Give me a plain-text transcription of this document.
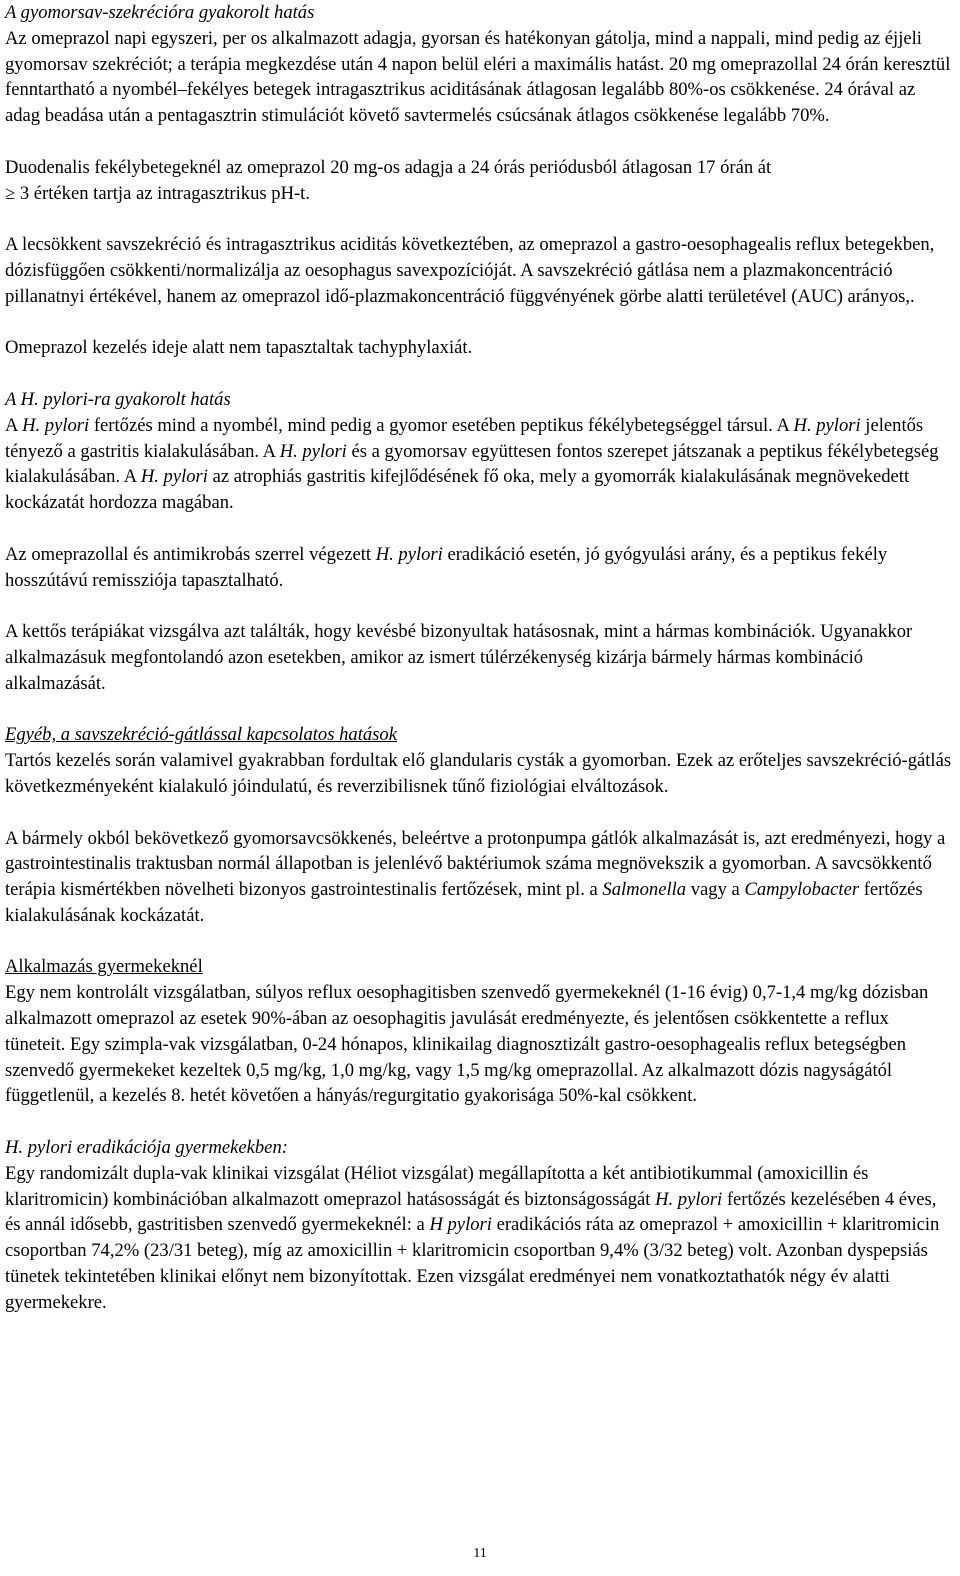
A gyomorsav-szekrécióra gyakorolt hatás
Az omeprazol napi egyszeri, per os alkalmazott adagja, gyorsan és hatékonyan gátolja, mind a nappali, mind pedig az éjjeli gyomorsav szekréciót; a terápia megkezdése után 4 napon belül eléri a maximális hatást. 20 mg omeprazollal 24 órán keresztül fenntartható a nyombél–fekélyes betegek intragasztrikus aciditásának átlagosan legalább 80%-os csökkenése. 24 órával az adag beadása után a pentagasztrin stimulációt követő savtermelés csúcsának átlagos csökkenése legalább 70%.
Duodenalis fekélybetegeknél az omeprazol 20 mg-os adagja a 24 órás periódusból átlagosan 17 órán át
≥ 3 értéken tartja az intragasztrikus pH-t.
A lecsökkent savszekréció és intragasztrikus aciditás következtében, az omeprazol a gastro-oesophagealis reflux betegekben, dózisfüggően csökkenti/normalizálja az oesophagus savexpozícióját. A savszekréció gátlása nem a plazmakoncentráció pillanatnyi értékével, hanem az omeprazol idő-plazmakoncentráció függvényének görbe alatti területével (AUC) arányos,.
Omeprazol kezelés ideje alatt nem tapasztaltak tachyphylaxiát.
A H. pylori-ra gyakorolt hatás
A H. pylori fertőzés mind a nyombél, mind pedig a gyomor esetében peptikus fékélybetegséggel társul. A H. pylori jelentős tényező a gastritis kialakulásában. A H. pylori és a gyomorsav együttesen fontos szerepet játszanak a peptikus fékélybetegség kialakulásában. A H. pylori az atrophiás gastritis kifejlődésének fő oka, mely a gyomorrák kialakulásának megnövekedett kockázatát hordozza magában.
Az omeprazollal és antimikrobás szerrel végezett H. pylori eradikáció esetén, jó gyógyulási arány, és a peptikus fekély hosszútávú remissziója tapasztalható.
A kettős terápiákat vizsgálva azt találták, hogy kevésbé bizonyultak hatásosnak, mint a hármas kombinációk. Ugyanakkor alkalmazásuk megfontolandó azon esetekben, amikor az ismert túlérzékenység kizárja bármely hármas kombináció alkalmazását.
Egyéb, a savszekréció-gátlással kapcsolatos hatások
Tartós kezelés során valamivel gyakrabban fordultak elő glandularis cysták a gyomorban. Ezek az erőteljes savszekréció-gátlás következményeként kialakuló jóindulatú, és reverzibilisnek tűnő fiziológiai elváltozások.
A bármely okból bekövetkező gyomorsavcsökkenés, beleértve a protonpumpa gátlók alkalmazását is, azt eredményezi, hogy a gastrointestinalis traktusban normál állapotban is jelenlévő baktériumok száma megnövekszik a gyomorban. A savcsökkentő terápia kismértékben növelheti bizonyos gastrointestinalis fertőzések, mint pl. a Salmonella vagy a Campylobacter fertőzés kialakulásának kockázatát.
Alkalmazás gyermekeknél
Egy nem kontrolált vizsgálatban, súlyos reflux oesophagitisben szenvedő gyermekeknél (1-16 évig) 0,7-1,4 mg/kg dózisban alkalmazott omeprazol az esetek 90%-ában az oesophagitis javulását eredményezte, és jelentősen csökkentette a reflux tüneteit. Egy szimpla-vak vizsgálatban, 0-24 hónapos, klinikailag diagnosztizált gastro-oesophagealis reflux betegségben szenvedő gyermekeket kezeltek 0,5 mg/kg, 1,0 mg/kg, vagy 1,5 mg/kg omeprazollal. Az alkalmazott dózis nagyságától függetlenül, a kezelés 8. hetét követően a hányás/regurgitatio gyakorisága 50%-kal csökkent.
H. pylori eradikációja gyermekekben:
Egy randomizált dupla-vak klinikai vizsgálat (Héliot vizsgálat) megállapította a két antibiotikummal (amoxicillin és klaritromicin) kombinációban alkalmazott omeprazol hatásosságát és biztonságosságát H. pylori fertőzés kezelésében 4 éves, és annál idősebb, gastritisben szenvedő gyermekeknél: a H pylori eradikációs ráta az omeprazol + amoxicillin + klaritromicin csoportban 74,2% (23/31 beteg), míg az amoxicillin + klaritromicin csoportban 9,4% (3/32 beteg) volt. Azonban dyspepsiás tünetek tekintetében klinikai előnyt nem bizonyítottak. Ezen vizsgálat eredményei nem vonatkoztathatók négy év alatti gyermekekre.
11
